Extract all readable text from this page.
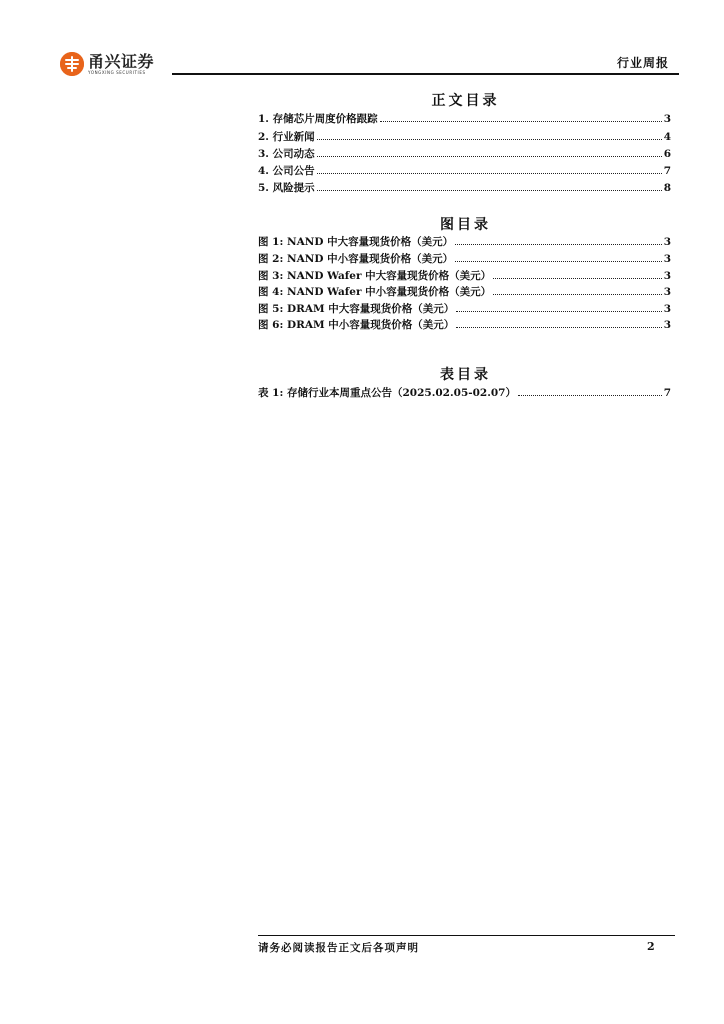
甬兴证券
YONGXING SECURITIES
行业周报
正文目录
1. 存储芯片周度价格跟踪	3
2. 行业新闻	4
3. 公司动态	6
4. 公司公告	7
5. 风险提示	8
图目录
图 1: NAND 中大容量现货价格（美元）	3
图 2: NAND 中小容量现货价格（美元）	3
图 3: NAND Wafer 中大容量现货价格（美元）	3
图 4: NAND Wafer 中小容量现货价格（美元）	3
图 5: DRAM 中大容量现货价格（美元）	3
图 6: DRAM 中小容量现货价格（美元）	3
表目录
表 1: 存储行业本周重点公告（2025.02.05-02.07）	7
请务必阅读报告正文后各项声明	2
